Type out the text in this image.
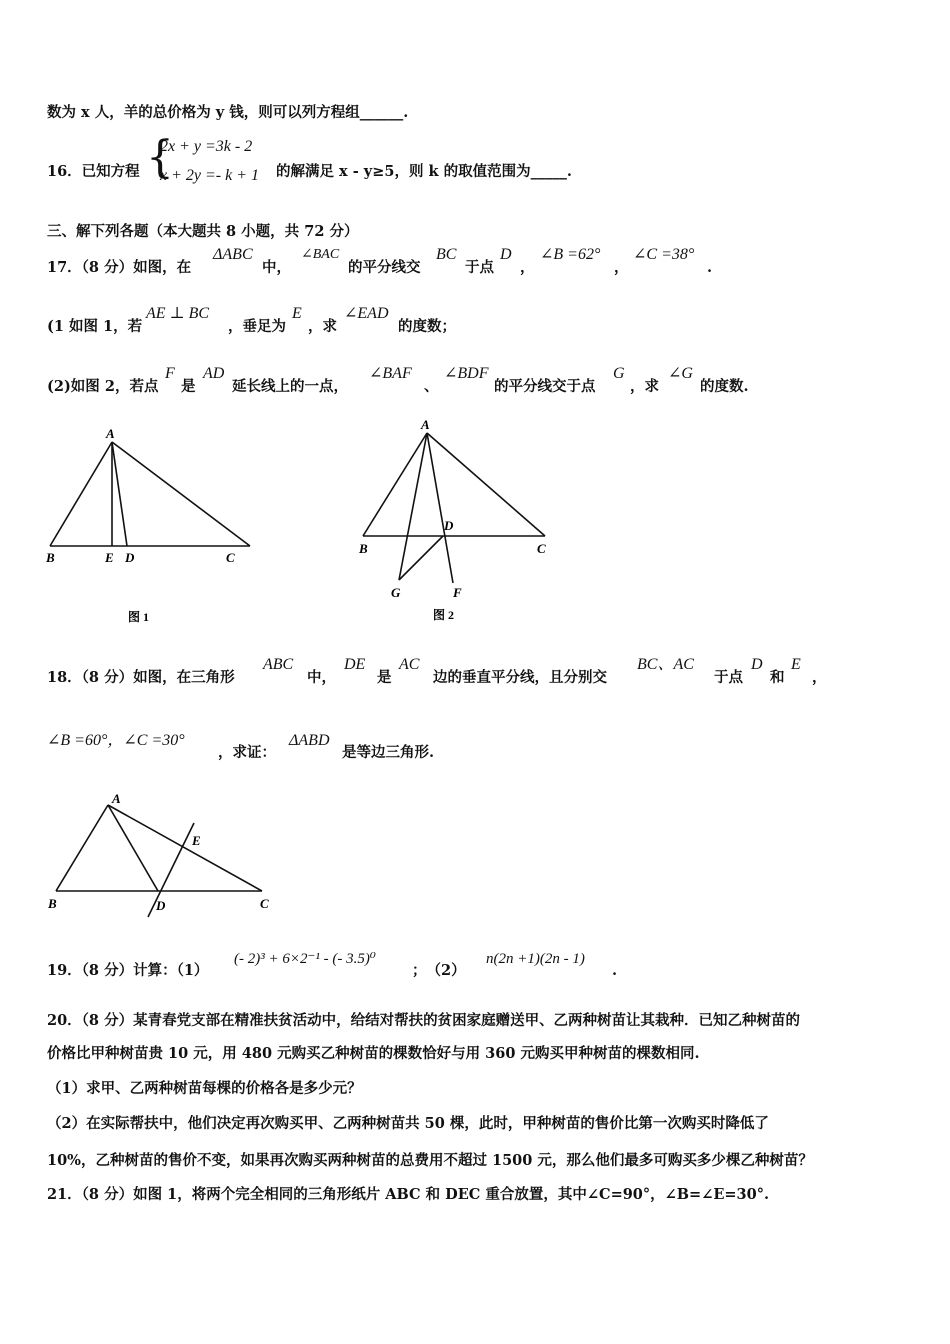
数为 x 人，羊的总价格为 y 钱，则可以列方程组______.
16．已知方程 {
2x + y =3k - 2
x + 2y =- k + 1 的解满足 x - y≥5，则 k 的取值范围为_____.
三、解下列各题（本大题共 8 小题，共 72 分）
17．（8 分）如图，在
ΔABC
中，
∠BAC
的平分线交
BC
于点
D
，
∠B =62°
，
∠C =38°
.
(1 如图 1，若
AE ⊥ BC
，垂足为
E
，求
∠EAD
的度数；
(2)如图 2，若点
F
是
AD
延长线上的一点，
∠BAF
、
∠BDF
的平分线交于点
G
，求
∠G
的度数.
A
B	E D	C
图 1
A
D
B	C
G	F
图 2
18．（8 分）如图，在三角形
ABC
中，
DE
是
AC
边的垂直平分线，且分别交
BC、AC
于点
D
和
E
，
∠B =60°，∠C =30°
，求证：
ΔABD
是等边三角形.
A
E
B	D	C
19．（8 分）计算：（1）
(- 2)³ + 6×2⁻¹ - (- 3.5)⁰
；　（2）
n(2n +1)(2n - 1)
.
20．（8 分）某青春党支部在精准扶贫活动中，给结对帮扶的贫困家庭赠送甲、乙两种树苗让其栽种．已知乙种树苗的
价格比甲种树苗贵 10 元，用 480 元购买乙种树苗的棵数恰好与用 360 元购买甲种树苗的棵数相同.
（1）求甲、乙两种树苗每棵的价格各是多少元？
（2）在实际帮扶中，他们决定再次购买甲、乙两种树苗共 50 棵，此时，甲种树苗的售价比第一次购买时降低了
10%，乙种树苗的售价不变，如果再次购买两种树苗的总费用不超过 1500 元，那么他们最多可购买多少棵乙种树苗？
21．（8 分）如图 1，将两个完全相同的三角形纸片 ABC 和 DEC 重合放置，其中∠C=90°，∠B=∠E=30°.
